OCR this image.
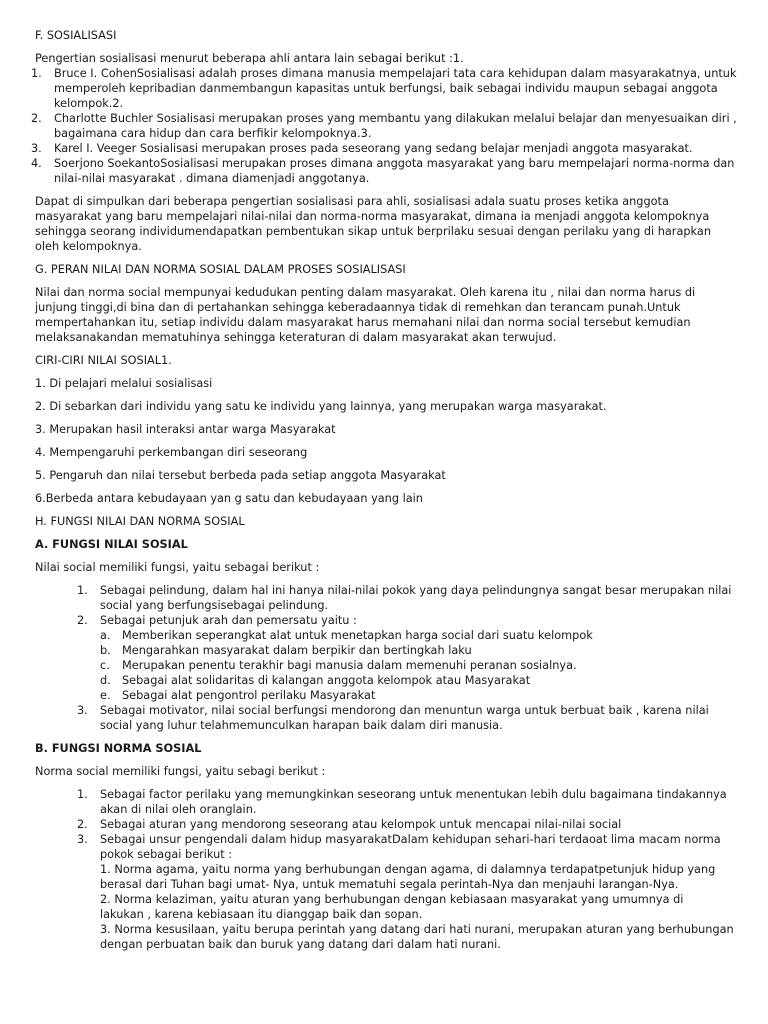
F. SOSIALISASI

Pengertian sosialisasi menurut beberapa ahli antara lain sebagai berikut :1.

1.	Bruce I. CohenSosialisasi adalah proses dimana manusia mempelajari tata cara kehidupan dalam masyarakatnya, untuk memperoleh kepribadian danmembangun kapasitas untuk berfungsi, baik sebagai individu maupun sebagai anggota kelompok.2.
2.	Charlotte Buchler Sosialisasi merupakan proses yang membantu yang dilakukan melalui belajar dan menyesuaikan diri , bagaimana cara hidup dan cara berfikir kelompoknya.3.
3.	Karel I. Veeger Sosialisasi merupakan proses pada seseorang yang sedang belajar menjadi anggota masyarakat.
4.	Soerjono SoekantoSosialisasi merupakan proses dimana anggota masyarakat yang baru mempelajari norma-norma dan nilai-nilai masyarakat . dimana diamenjadi anggotanya.

Dapat di simpulkan dari beberapa pengertian sosialisasi para ahli, sosialisasi adala suatu proses ketika anggota masyarakat yang baru mempelajari nilai-nilai dan norma-norma masyarakat, dimana ia menjadi anggota kelompoknya sehingga seorang individumendapatkan pembentukan sikap untuk berprilaku sesuai dengan perilaku yang di harapkan oleh kelompoknya.

G. PERAN NILAI DAN NORMA SOSIAL DALAM PROSES SOSIALISASI

Nilai dan norma social mempunyai kedudukan penting dalam masyarakat. Oleh karena itu , nilai dan norma harus di junjung tinggi,di bina dan di pertahankan sehingga keberadaannya tidak di remehkan dan terancam punah.Untuk mempertahankan itu, setiap individu dalam masyarakat harus memahani nilai dan norma social tersebut kemudian melaksanakandan mematuhinya sehingga keteraturan di dalam masyarakat akan terwujud.

CIRI-CIRI NILAI SOSIAL1.

1. Di pelajari melalui sosialisasi

2. Di sebarkan dari individu yang satu ke individu yang lainnya, yang merupakan warga masyarakat.

3. Merupakan hasil interaksi antar warga Masyarakat

4. Mempengaruhi perkembangan diri seseorang

5. Pengaruh dan nilai tersebut berbeda pada setiap anggota Masyarakat

6.Berbeda antara kebudayaan yan g satu dan kebudayaan yang lain

H. FUNGSI NILAI DAN NORMA SOSIAL

A. FUNGSI NILAI SOSIAL

Nilai social memiliki fungsi, yaitu sebagai berikut :

1.	Sebagai pelindung, dalam hal ini hanya nilai-nilai pokok yang daya pelindungnya sangat besar merupakan nilai social yang berfungsisebagai pelindung.
2.	Sebagai petunjuk arah dan pemersatu yaitu :
a.	Memberikan seperangkat alat untuk menetapkan harga social dari suatu kelompok
b. Mengarahkan masyarakat dalam berpikir dan bertingkah laku
c.	Merupakan penentu terakhir bagi manusia dalam memenuhi peranan sosialnya.
d. Sebagai alat solidaritas di kalangan anggota kelompok atau Masyarakat
e.	Sebagai alat pengontrol perilaku Masyarakat
3.	Sebagai motivator, nilai social berfungsi mendorong dan menuntun warga untuk berbuat baik , karena nilai social yang luhur telahmemunculkan harapan baik dalam diri manusia.

B. FUNGSI NORMA SOSIAL

Norma social memiliki fungsi, yaitu sebagi berikut :

1.	Sebagai factor perilaku yang memungkinkan seseorang untuk menentukan lebih dulu bagaimana tindakannya akan di nilai oleh oranglain.
2.	Sebagai aturan yang mendorong seseorang atau kelompok untuk mencapai nilai-nilai social
3.	Sebagai unsur pengendali dalam hidup masyarakatDalam kehidupan sehari-hari terdaoat lima macam norma pokok sebagai berikut :

1. Norma agama, yaitu norma yang berhubungan dengan agama, di dalamnya terdapatpetunjuk hidup yang berasal dari Tuhan bagi umat- Nya, untuk mematuhi segala perintah-Nya dan menjauhi larangan-Nya.

2. Norma kelaziman, yaitu aturan yang berhubungan dengan kebiasaan masyarakat yang umumnya di

lakukan , karena kebiasaan itu dianggap baik dan sopan.

3. Norma kesusilaan, yaitu berupa perintah yang datang dari hati nurani, merupakan aturan yang berhubungan dengan perbuatan baik dan buruk yang datang dari dalam hati nurani.
